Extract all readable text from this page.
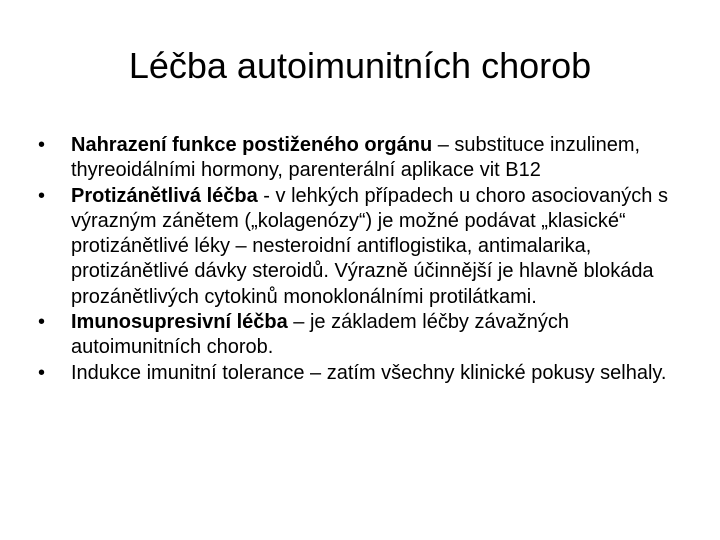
Léčba autoimunitních chorob
•	Nahrazení funkce postiženého orgánu – substituce inzulinem, thyreoidálními hormony, parenterální aplikace vit B12
•	Protizánětlivá léčba - v lehkých případech u choro asociovaných s výrazným zánětem („kolagenózy“) je možné podávat „klasické“ protizánětlivé léky – nesteroidní antiflogistika, antimalarika, protizánětlivé dávky steroidů. Výrazně účinnější je hlavně blokáda prozánětlivých cytokinů monoklonálními protilátkami.
•	Imunosupresivní léčba – je základem léčby závažných autoimunitních chorob.
•	Indukce imunitní tolerance – zatím všechny klinické pokusy selhaly.
